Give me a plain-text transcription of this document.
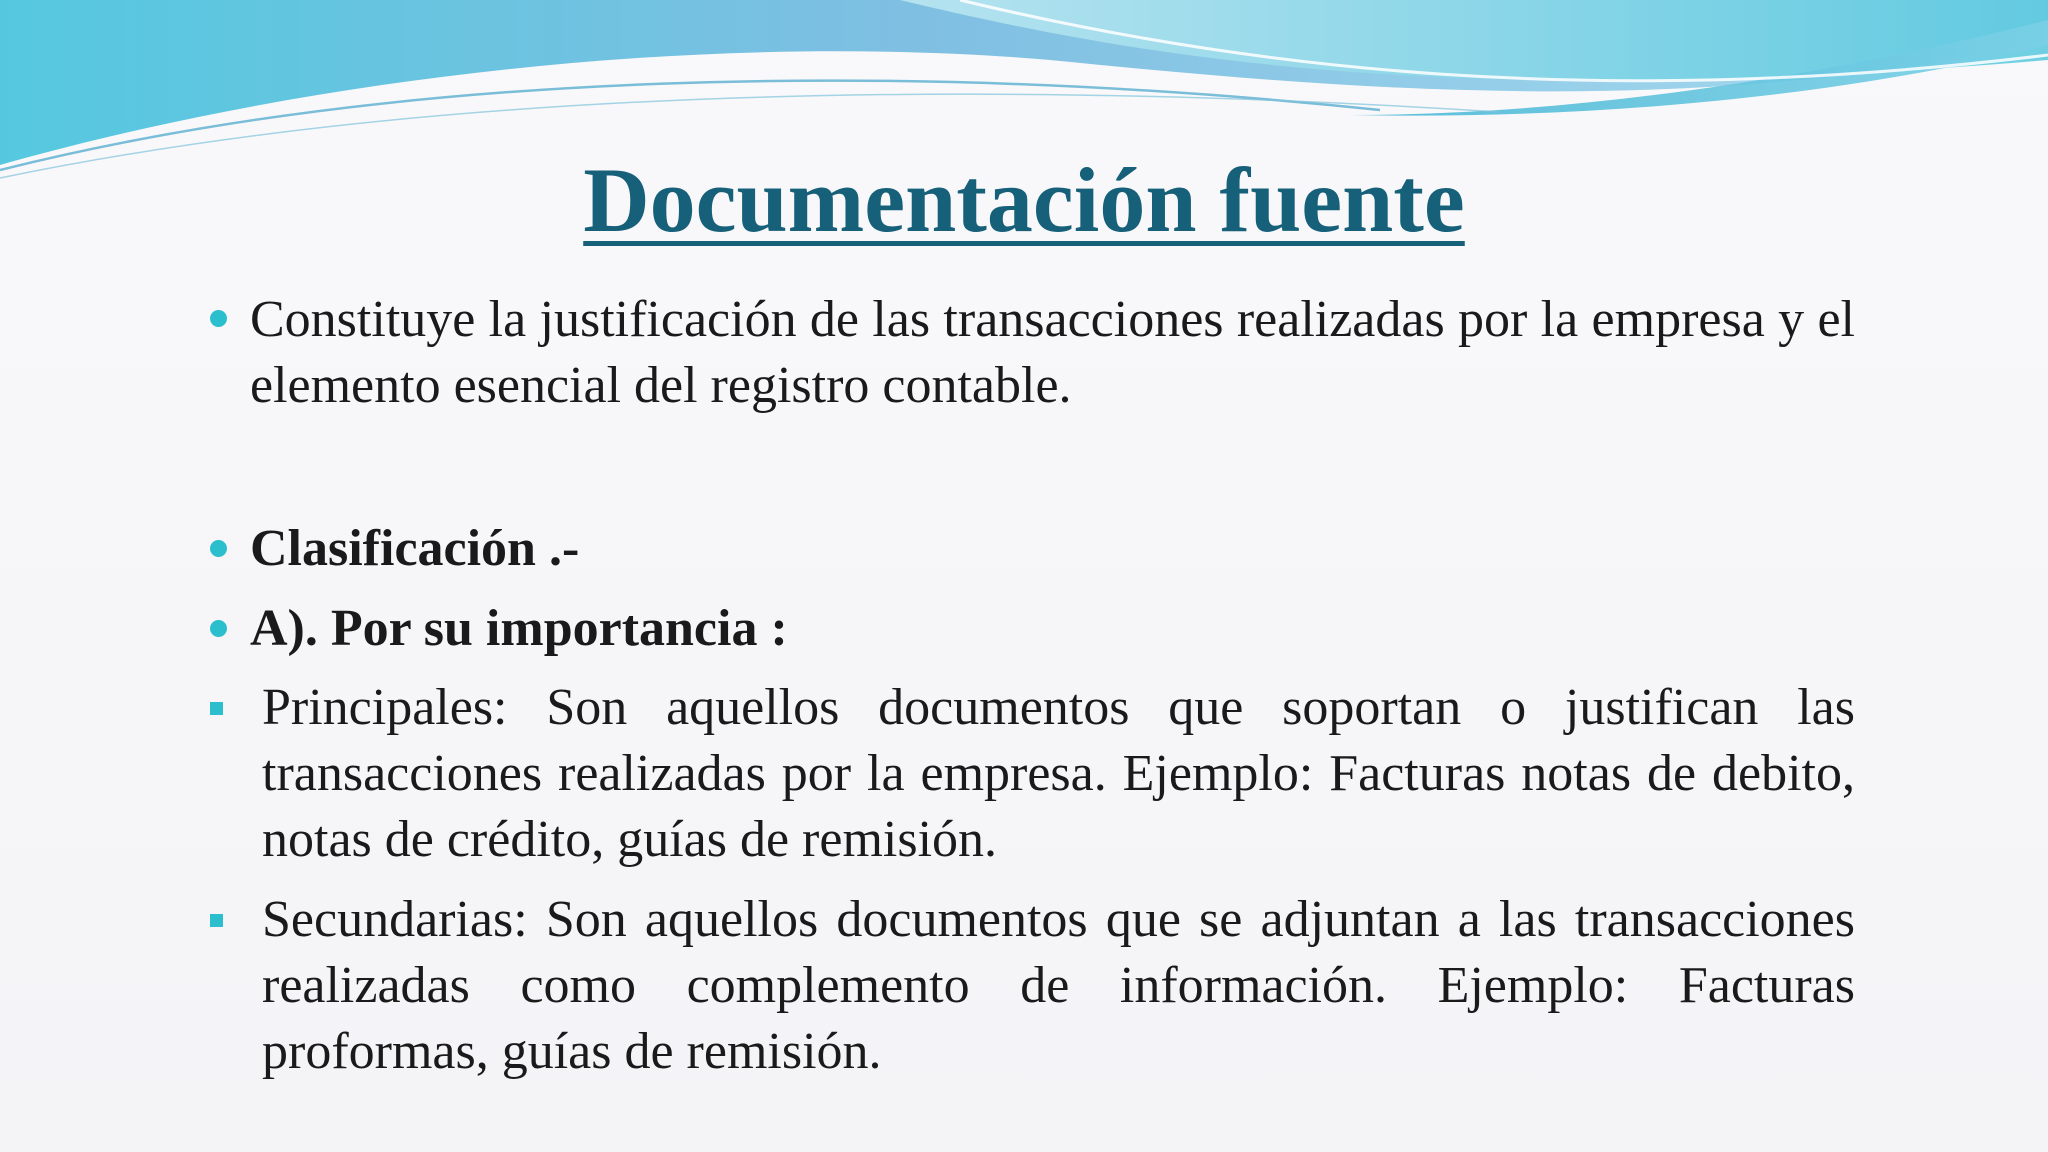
Documentación fuente
Constituye la justificación de las transacciones realizadas por la empresa y el elemento esencial del registro contable.
Clasificación .-
A). Por su importancia :
Principales: Son aquellos documentos que soportan o justifican las transacciones realizadas por la empresa. Ejemplo: Facturas notas de debito, notas de crédito, guías de remisión.
Secundarias: Son aquellos documentos que se adjuntan a las transacciones realizadas como complemento de información. Ejemplo: Facturas proformas, guías de remisión.
